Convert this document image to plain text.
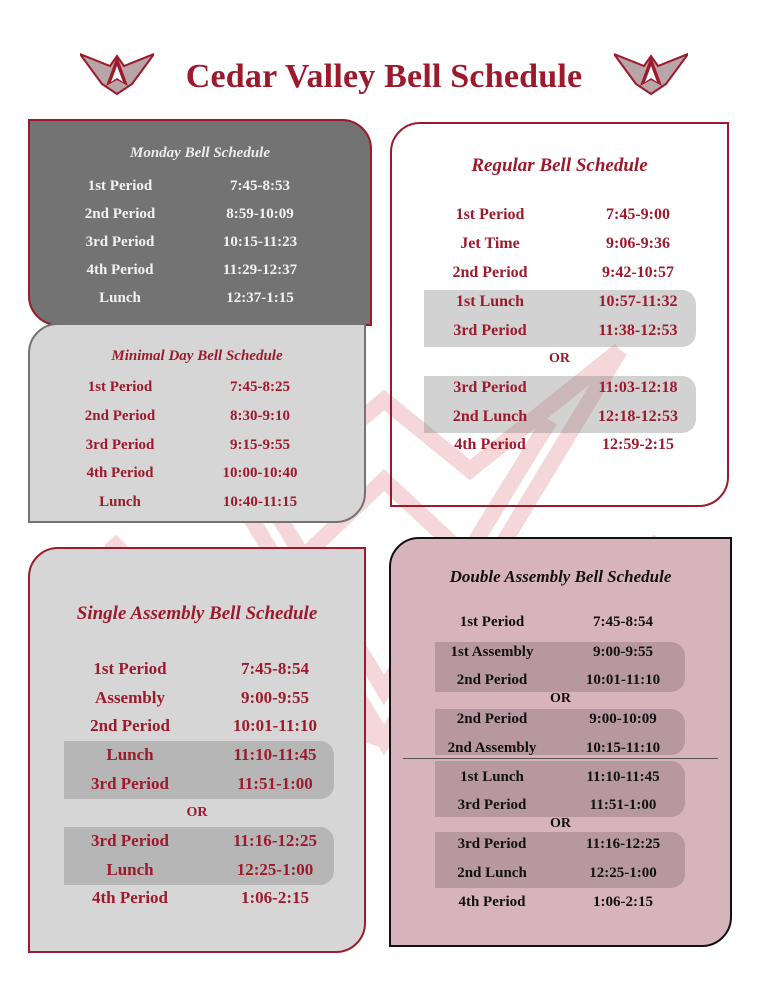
Cedar Valley Bell Schedule
Monday Bell Schedule
1st Period	7:45-8:53
2nd Period	8:59-10:09
3rd Period	10:15-11:23
4th Period	11:29-12:37
Lunch	12:37-1:15
Minimal Day Bell Schedule
1st Period	7:45-8:25
2nd Period	8:30-9:10
3rd Period	9:15-9:55
4th Period	10:00-10:40
Lunch	10:40-11:15
Regular Bell Schedule
1st Period	7:45-9:00
Jet Time	9:06-9:36
2nd Period	9:42-10:57
1st Lunch	10:57-11:32
3rd Period	11:38-12:53
OR
3rd Period	11:03-12:18
2nd Lunch	12:18-12:53
4th Period	12:59-2:15
Single Assembly Bell Schedule
1st Period	7:45-8:54
Assembly	9:00-9:55
2nd Period	10:01-11:10
Lunch	11:10-11:45
3rd Period	11:51-1:00
OR
3rd Period	11:16-12:25
Lunch	12:25-1:00
4th Period	1:06-2:15
Double Assembly Bell Schedule
1st Period	7:45-8:54
1st Assembly	9:00-9:55
2nd Period	10:01-11:10
OR
2nd Period	9:00-10:09
2nd Assembly	10:15-11:10
1st Lunch	11:10-11:45
3rd Period	11:51-1:00
OR
3rd Period	11:16-12:25
2nd Lunch	12:25-1:00
4th Period	1:06-2:15
